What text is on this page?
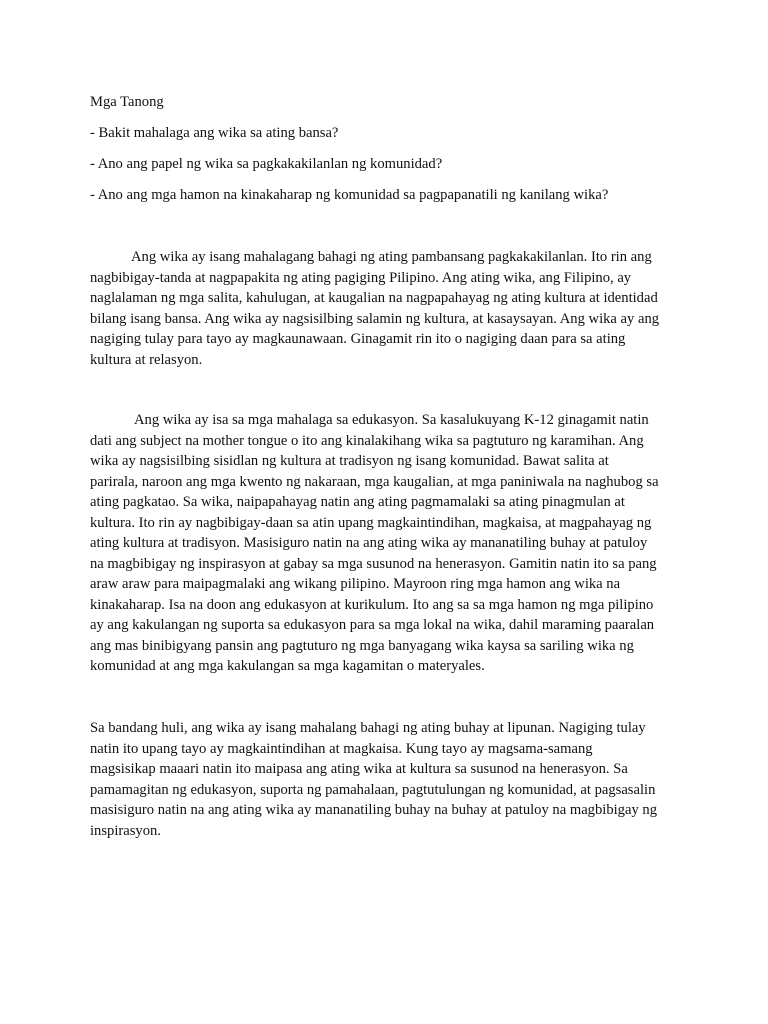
Mga Tanong

- Bakit mahalaga ang wika sa ating bansa?

- Ano ang papel ng wika sa pagkakakilanlan ng komunidad?

- Ano ang mga hamon na kinakaharap ng komunidad sa pagpapanatili ng kanilang wika?

Ang wika ay isang mahalagang bahagi ng ating pambansang pagkakakilanlan. Ito rin ang
nagbibigay-tanda at nagpapakita ng ating pagiging Pilipino. Ang ating wika, ang Filipino, ay
naglalaman ng mga salita, kahulugan, at kaugalian na nagpapahayag ng ating kultura at identidad
bilang isang bansa. Ang wika ay nagsisilbing salamin ng kultura, at kasaysayan. Ang wika ay ang
nagiging tulay para tayo ay magkaunawaan. Ginagamit rin ito o nagiging daan para sa ating
kultura at relasyon.
Ang wika ay isa sa mga mahalaga sa edukasyon. Sa kasalukuyang K-12 ginagamit natin
dati ang subject na mother tongue o ito ang kinalakihang wika sa pagtuturo ng karamihan. Ang
wika ay nagsisilbing sisidlan ng kultura at tradisyon ng isang komunidad. Bawat salita at
parirala, naroon ang mga kwento ng nakaraan, mga kaugalian, at mga paniniwala na naghubog sa
ating pagkatao. Sa wika, naipapahayag natin ang ating pagmamalaki sa ating pinagmulan at
kultura. Ito rin ay nagbibigay-daan sa atin upang magkaintindihan, magkaisa, at magpahayag ng
ating kultura at tradisyon. Masisiguro natin na ang ating wika ay mananatiling buhay at patuloy
na magbibigay ng inspirasyon at gabay sa mga susunod na henerasyon. Gamitin natin ito sa pang
araw araw para maipagmalaki ang wikang pilipino. Mayroon ring mga hamon ang wika na
kinakaharap. Isa na doon ang edukasyon at kurikulum. Ito ang sa sa mga hamon ng mga pilipino
ay ang kakulangan ng suporta sa edukasyon para sa mga lokal na wika, dahil maraming paaralan
ang mas binibigyang pansin ang pagtuturo ng mga banyagang wika kaysa sa sariling wika ng
komunidad at ang mga kakulangan sa mga kagamitan o materyales.
Sa bandang huli, ang wika ay isang mahalang bahagi ng ating buhay at lipunan. Nagiging tulay
natin ito upang tayo ay magkaintindihan at magkaisa. Kung tayo ay magsama-samang
magsisikap maaari natin ito maipasa ang ating wika at kultura sa susunod na henerasyon. Sa
pamamagitan ng edukasyon, suporta ng pamahalaan, pagtutulungan ng komunidad, at pagsasalin
masisiguro natin na ang ating wika ay mananatiling buhay na buhay at patuloy na magbibigay ng
inspirasyon.
